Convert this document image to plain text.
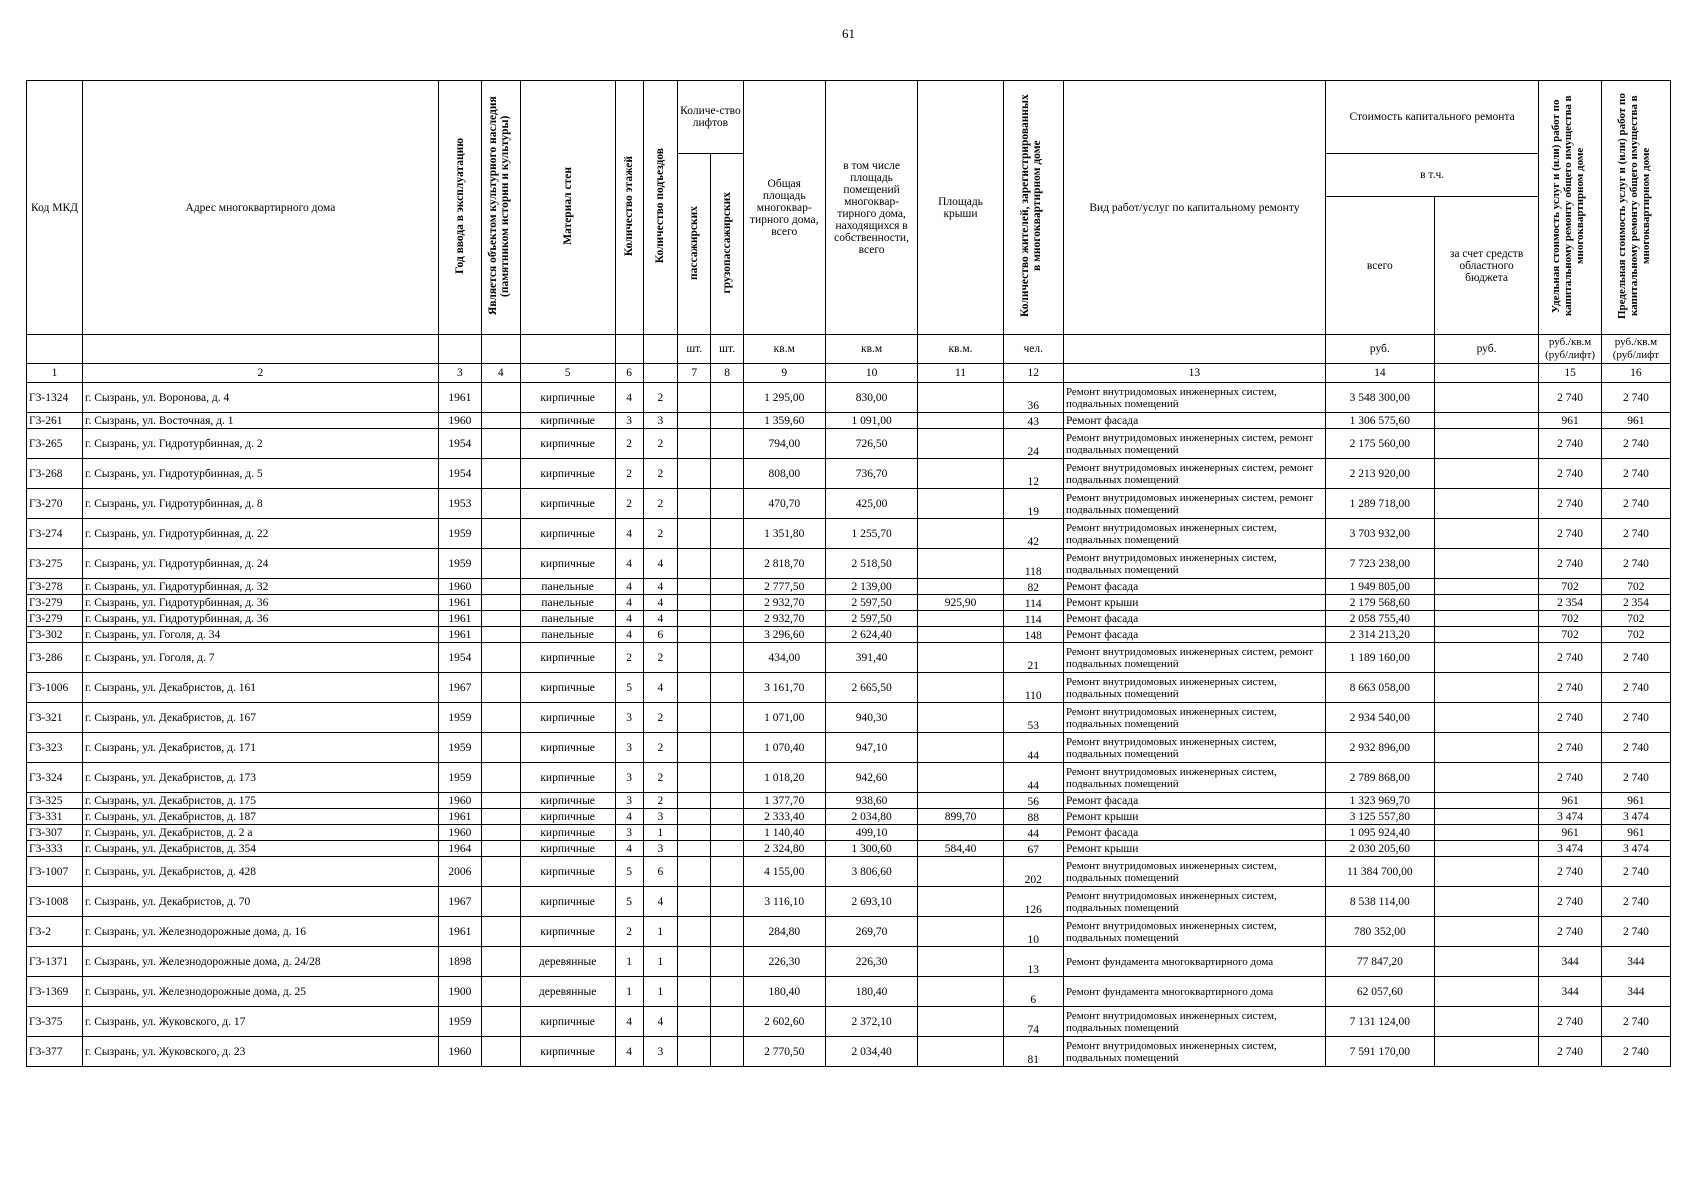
61
Код МКД	Адрес многоквартирного дома	Год ввода в эксплуатацию	Является объектом культурного наследия (памятником истории и культуры)	Материал стен	Количество этажей	Количество подъездов	Количе-ство лифтов		Общая площадь многоквар-тирного дома, всего	в том числе площадь помещений многоквар-тирного дома, находящихся в собственности, всего	Площадь крыши	Количество жителей, зарегистрированных в многоквартирном доме	Вид работ/услуг по капитальному ремонту	Стоимость капитального ремонта		Удельная стоимость услуг и (или) работ по капитальному ремонту общего имущества в многоквартирном доме	Предельная стоимость услуг и (или) работ по капитальному ремонту общего имущества в многоквартирном доме
							пассажирских	грузопассажирских						в т.ч.			
														всего	за счет средств областного бюджета		
							шт.	шт.	кв.м	кв.м	кв.м.	чел.		руб.	руб.	руб./кв.м (руб/лифт)	руб./кв.м (руб/лифт
1	2	3	4	5	6		7	8	9	10	11	12	13	14		15	16
Г3-1324	г. Сызрань, ул. Воронова, д. 4	1961		кирпичные	4	2			1 295,00	830,00		36	Ремонт внутридомовых инженерных систем, подвальных помещений	3 548 300,00		2 740	2 740
Г3-261	г. Сызрань, ул. Восточная, д. 1	1960		кирпичные	3	3			1 359,60	1 091,00		43	Ремонт фасада	1 306 575,60		961	961
Г3-265	г. Сызрань, ул. Гидротурбинная, д. 2	1954		кирпичные	2	2			794,00	726,50		24	Ремонт внутридомовых инженерных систем, ремонт подвальных помещений	2 175 560,00		2 740	2 740
Г3-268	г. Сызрань, ул. Гидротурбинная, д. 5	1954		кирпичные	2	2			808,00	736,70		12	Ремонт внутридомовых инженерных систем, ремонт подвальных помещений	2 213 920,00		2 740	2 740
Г3-270	г. Сызрань, ул. Гидротурбинная, д. 8	1953		кирпичные	2	2			470,70	425,00		19	Ремонт внутридомовых инженерных систем, ремонт подвальных помещений	1 289 718,00		2 740	2 740
Г3-274	г. Сызрань, ул. Гидротурбинная, д. 22	1959		кирпичные	4	2			1 351,80	1 255,70		42	Ремонт внутридомовых инженерных систем, подвальных помещений	3 703 932,00		2 740	2 740
Г3-275	г. Сызрань, ул. Гидротурбинная, д. 24	1959		кирпичные	4	4			2 818,70	2 518,50		118	Ремонт внутридомовых инженерных систем, подвальных помещений	7 723 238,00		2 740	2 740
Г3-278	г. Сызрань, ул. Гидротурбинная, д. 32	1960		панельные	4	4			2 777,50	2 139,00		82	Ремонт фасада	1 949 805,00		702	702
Г3-279	г. Сызрань, ул. Гидротурбинная, д. 36	1961		панельные	4	4			2 932,70	2 597,50	925,90	114	Ремонт крыши	2 179 568,60		2 354	2 354
Г3-279	г. Сызрань, ул. Гидротурбинная, д. 36	1961		панельные	4	4			2 932,70	2 597,50		114	Ремонт фасада	2 058 755,40		702	702
Г3-302	г. Сызрань, ул. Гоголя, д. 34	1961		панельные	4	6			3 296,60	2 624,40		148	Ремонт фасада	2 314 213,20		702	702
Г3-286	г. Сызрань, ул. Гоголя, д. 7	1954		кирпичные	2	2			434,00	391,40		21	Ремонт внутридомовых инженерных систем, ремонт подвальных помещений	1 189 160,00		2 740	2 740
Г3-1006	г. Сызрань, ул. Декабристов, д. 161	1967		кирпичные	5	4			3 161,70	2 665,50		110	Ремонт внутридомовых инженерных систем, подвальных помещений	8 663 058,00		2 740	2 740
Г3-321	г. Сызрань, ул. Декабристов, д. 167	1959		кирпичные	3	2			1 071,00	940,30		53	Ремонт внутридомовых инженерных систем, подвальных помещений	2 934 540,00		2 740	2 740
Г3-323	г. Сызрань, ул. Декабристов, д. 171	1959		кирпичные	3	2			1 070,40	947,10		44	Ремонт внутридомовых инженерных систем, подвальных помещений	2 932 896,00		2 740	2 740
Г3-324	г. Сызрань, ул. Декабристов, д. 173	1959		кирпичные	3	2			1 018,20	942,60		44	Ремонт внутридомовых инженерных систем, подвальных помещений	2 789 868,00		2 740	2 740
Г3-325	г. Сызрань, ул. Декабристов, д. 175	1960		кирпичные	3	2			1 377,70	938,60		56	Ремонт фасада	1 323 969,70		961	961
Г3-331	г. Сызрань, ул. Декабристов, д. 187	1961		кирпичные	4	3			2 333,40	2 034,80	899,70	88	Ремонт крыши	3 125 557,80		3 474	3 474
Г3-307	г. Сызрань, ул. Декабристов, д. 2 а	1960		кирпичные	3	1			1 140,40	499,10		44	Ремонт фасада	1 095 924,40		961	961
Г3-333	г. Сызрань, ул. Декабристов, д. 354	1964		кирпичные	4	3			2 324,80	1 300,60	584,40	67	Ремонт крыши	2 030 205,60		3 474	3 474
Г3-1007	г. Сызрань, ул. Декабристов, д. 428	2006		кирпичные	5	6			4 155,00	3 806,60		202	Ремонт внутридомовых инженерных систем, подвальных помещений	11 384 700,00		2 740	2 740
Г3-1008	г. Сызрань, ул. Декабристов, д. 70	1967		кирпичные	5	4			3 116,10	2 693,10		126	Ремонт внутридомовых инженерных систем, подвальных помещений	8 538 114,00		2 740	2 740
Г3-2	г. Сызрань, ул. Железнодорожные дома, д. 16	1961		кирпичные	2	1			284,80	269,70		10	Ремонт внутридомовых инженерных систем, подвальных помещений	780 352,00		2 740	2 740
Г3-1371	г. Сызрань, ул. Железнодорожные дома, д. 24/28	1898		деревянные	1	1			226,30	226,30		13	Ремонт фундамента многоквартирного дома	77 847,20		344	344
Г3-1369	г. Сызрань, ул. Железнодорожные дома, д. 25	1900		деревянные	1	1			180,40	180,40		6	Ремонт фундамента многоквартирного дома	62 057,60		344	344
Г3-375	г. Сызрань, ул. Жуковского, д. 17	1959		кирпичные	4	4			2 602,60	2 372,10		74	Ремонт внутридомовых инженерных систем, подвальных помещений	7 131 124,00		2 740	2 740
Г3-377	г. Сызрань, ул. Жуковского, д. 23	1960		кирпичные	4	3			2 770,50	2 034,40		81	Ремонт внутридомовых инженерных систем, подвальных помещений	7 591 170,00		2 740	2 740
